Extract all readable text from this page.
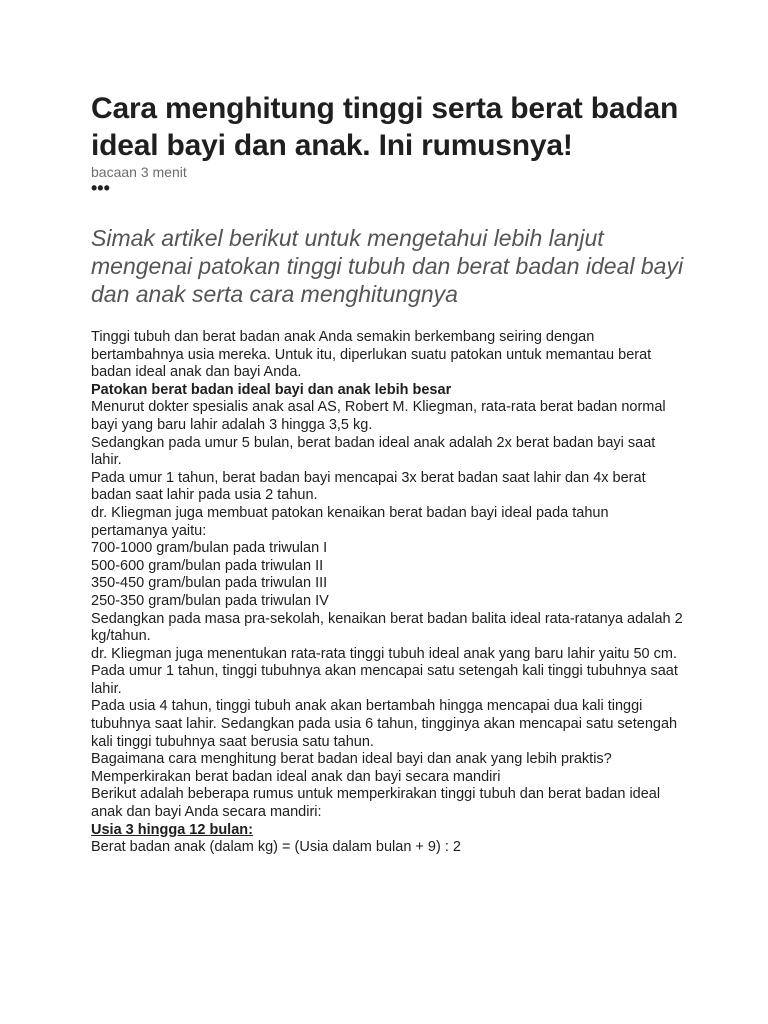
Cara menghitung tinggi serta berat badan ideal bayi dan anak. Ini rumusnya!
bacaan 3 menit
•••
Simak artikel berikut untuk mengetahui lebih lanjut mengenai patokan tinggi tubuh dan berat badan ideal bayi dan anak serta cara menghitungnya

Tinggi tubuh dan berat badan anak Anda semakin berkembang seiring dengan bertambahnya usia mereka. Untuk itu, diperlukan suatu patokan untuk memantau berat badan ideal anak dan bayi Anda.

Patokan berat badan ideal bayi dan anak lebih besar

Menurut dokter spesialis anak asal AS, Robert M. Kliegman, rata-rata berat badan normal bayi yang baru lahir adalah 3 hingga 3,5 kg.

Sedangkan pada umur 5 bulan, berat badan ideal anak adalah 2x berat badan bayi saat lahir.

Pada umur 1 tahun, berat badan bayi mencapai 3x berat badan saat lahir dan 4x berat badan saat lahir pada usia 2 tahun.

dr. Kliegman juga membuat patokan kenaikan berat badan bayi ideal pada tahun pertamanya yaitu:

700-1000 gram/bulan pada triwulan I

500-600 gram/bulan pada triwulan II

350-450 gram/bulan pada triwulan III

250-350 gram/bulan pada triwulan IV

Sedangkan pada masa pra-sekolah, kenaikan berat badan balita ideal rata-ratanya adalah 2 kg/tahun.

dr. Kliegman juga menentukan rata-rata tinggi tubuh ideal anak yang baru lahir yaitu 50 cm.

Pada umur 1 tahun, tinggi tubuhnya akan mencapai satu setengah kali tinggi tubuhnya saat lahir.

Pada usia 4 tahun, tinggi tubuh anak akan bertambah hingga mencapai dua kali tinggi tubuhnya saat lahir. Sedangkan pada usia 6 tahun, tingginya akan mencapai satu setengah kali tinggi tubuhnya saat berusia satu tahun.

Bagaimana cara menghitung berat badan ideal bayi dan anak yang lebih praktis?

Memperkirakan berat badan ideal anak dan bayi secara mandiri

Berikut adalah beberapa rumus untuk memperkirakan tinggi tubuh dan berat badan ideal anak dan bayi Anda secara mandiri:

Usia 3 hingga 12 bulan:

Berat badan anak (dalam kg) = (Usia dalam bulan + 9) : 2
